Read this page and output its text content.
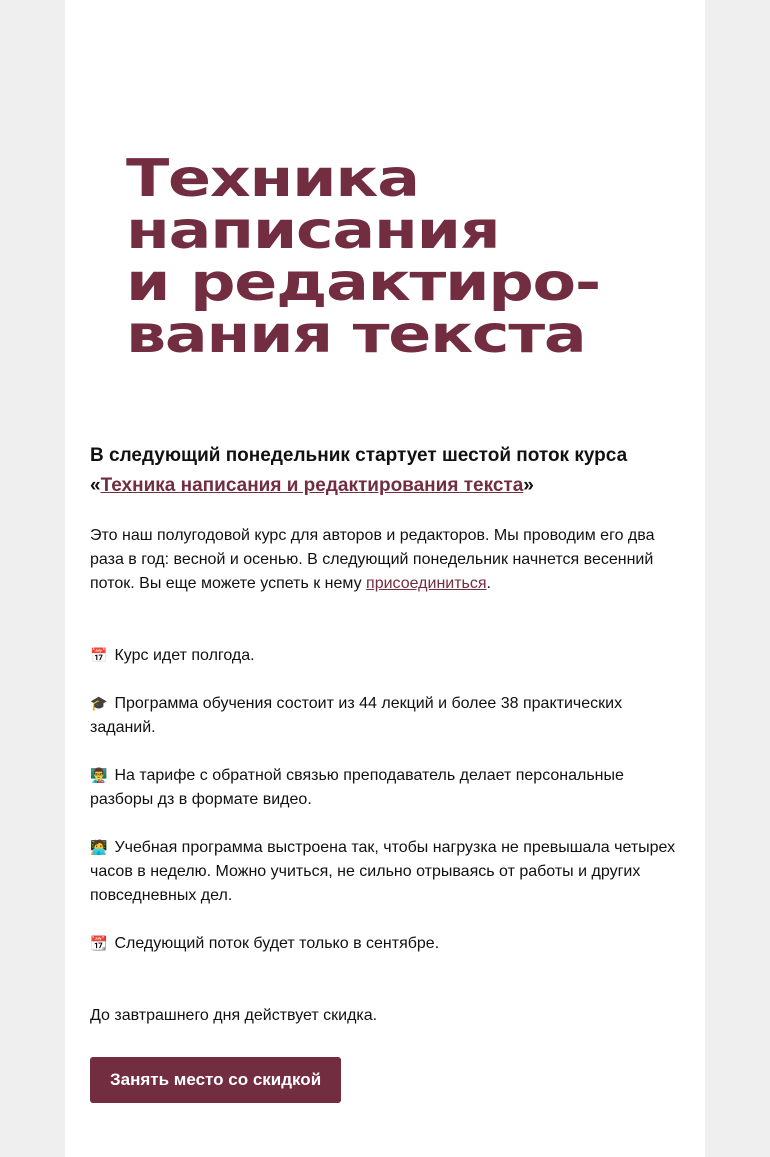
Техника
написания
и редактиро-
вания текста

В следующий понедельник стартует шестой поток курса «Техника написания и редактирования текста»

Это наш полугодовой курс для авторов и редакторов. Мы проводим его два раза в год: весной и осенью. В следующий понедельник начнется весенний поток. Вы еще можете успеть к нему присоединиться.

📅 Курс идет полгода.

🎓 Программа обучения состоит из 44 лекций и более 38 практических заданий.

👨‍🏫 На тарифе с обратной связью преподаватель делает персональные разборы дз в формате видео.

🧑‍💻 Учебная программа выстроена так, чтобы нагрузка не превышала четырех часов в неделю. Можно учиться, не сильно отрываясь от работы и других повседневных дел.

📆 Следующий поток будет только в сентябре.

До завтрашнего дня действует скидка.

Занять место со скидкой
